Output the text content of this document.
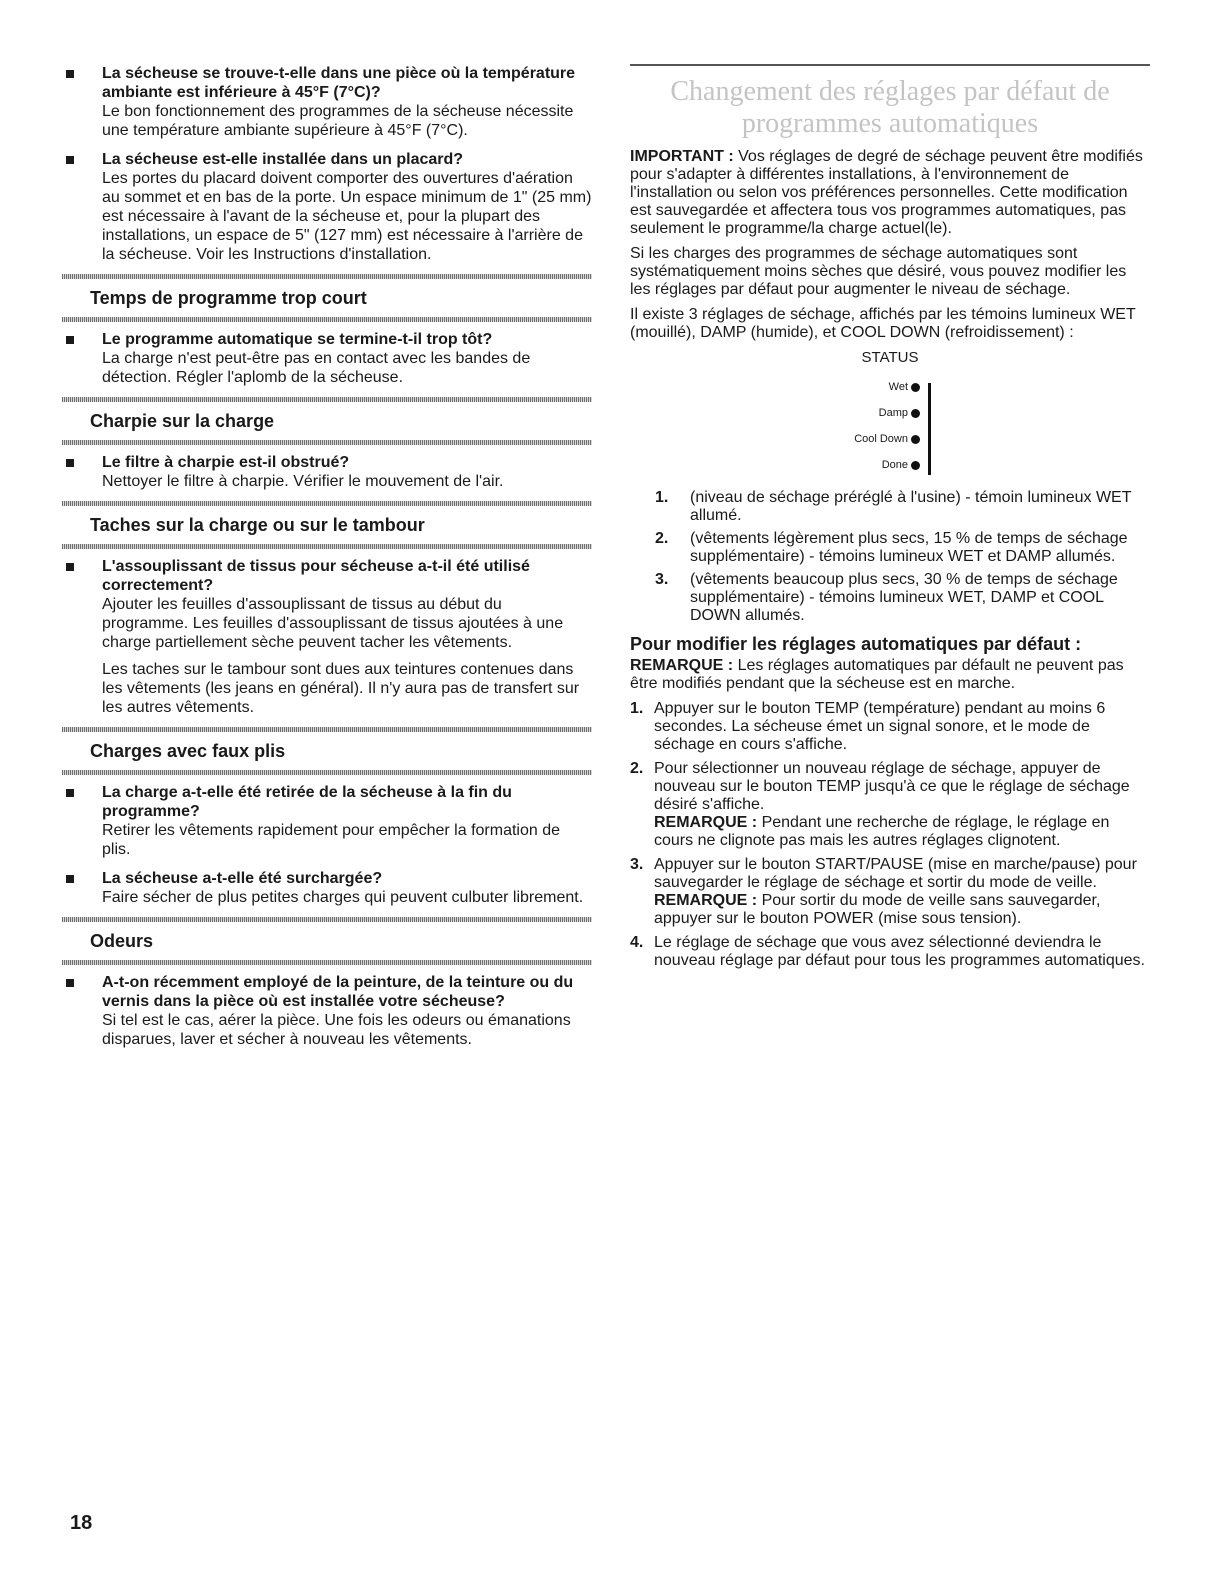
La sécheuse se trouve-t-elle dans une pièce où la température ambiante est inférieure à 45°F (7°C)?
Le bon fonctionnement des programmes de la sécheuse nécessite une température ambiante supérieure à 45°F (7°C).
La sécheuse est-elle installée dans un placard?
Les portes du placard doivent comporter des ouvertures d'aération au sommet et en bas de la porte. Un espace minimum de 1" (25 mm) est nécessaire à l'avant de la sécheuse et, pour la plupart des installations, un espace de 5" (127 mm) est nécessaire à l'arrière de la sécheuse. Voir les Instructions d'installation.
Temps de programme trop court
Le programme automatique se termine-t-il trop tôt?
La charge n'est peut-être pas en contact avec les bandes de détection. Régler l'aplomb de la sécheuse.
Charpie sur la charge
Le filtre à charpie est-il obstrué?
Nettoyer le filtre à charpie. Vérifier le mouvement de l'air.
Taches sur la charge ou sur le tambour
L'assouplissant de tissus pour sécheuse a-t-il été utilisé correctement?
Ajouter les feuilles d'assouplissant de tissus au début du programme. Les feuilles d'assouplissant de tissus ajoutées à une charge partiellement sèche peuvent tacher les vêtements.
Les taches sur le tambour sont dues aux teintures contenues dans les vêtements (les jeans en général). Il n'y aura pas de transfert sur les autres vêtements.
Charges avec faux plis
La charge a-t-elle été retirée de la sécheuse à la fin du programme?
Retirer les vêtements rapidement pour empêcher la formation de plis.
La sécheuse a-t-elle été surchargée?
Faire sécher de plus petites charges qui peuvent culbuter librement.
Odeurs
A-t-on récemment employé de la peinture, de la teinture ou du vernis dans la pièce où est installée votre sécheuse?
Si tel est le cas, aérer la pièce. Une fois les odeurs ou émanations disparues, laver et sécher à nouveau les vêtements.
Changement des réglages par défaut de programmes automatiques
IMPORTANT : Vos réglages de degré de séchage peuvent être modifiés pour s'adapter à différentes installations, à l'environnement de l'installation ou selon vos préférences personnelles. Cette modification est sauvegardée et affectera tous vos programmes automatiques, pas seulement le programme/la charge actuel(le).
Si les charges des programmes de séchage automatiques sont systématiquement moins sèches que désiré, vous pouvez modifier les les réglages par défaut pour augmenter le niveau de séchage.
Il existe 3 réglages de séchage, affichés par les témoins lumineux WET (mouillé), DAMP (humide), et COOL DOWN (refroidissement) :
STATUS
Wet
Damp
Cool Down
Done
1. (niveau de séchage préréglé à l'usine) - témoin lumineux WET allumé.
2. (vêtements légèrement plus secs, 15 % de temps de séchage supplémentaire) - témoins lumineux WET et DAMP allumés.
3. (vêtements beaucoup plus secs, 30 % de temps de séchage supplémentaire) - témoins lumineux WET, DAMP et COOL DOWN allumés.
Pour modifier les réglages automatiques par défaut :
REMARQUE : Les réglages automatiques par défault ne peuvent pas être modifiés pendant que la sécheuse est en marche.
1. Appuyer sur le bouton TEMP (température) pendant au moins 6 secondes. La sécheuse émet un signal sonore, et le mode de séchage en cours s'affiche.
2. Pour sélectionner un nouveau réglage de séchage, appuyer de nouveau sur le bouton TEMP jusqu'à ce que le réglage de séchage désiré s'affiche.
REMARQUE : Pendant une recherche de réglage, le réglage en cours ne clignote pas mais les autres réglages clignotent.
3. Appuyer sur le bouton START/PAUSE (mise en marche/pause) pour sauvegarder le réglage de séchage et sortir du mode de veille.
REMARQUE : Pour sortir du mode de veille sans sauvegarder, appuyer sur le bouton POWER (mise sous tension).
4. Le réglage de séchage que vous avez sélectionné deviendra le nouveau réglage par défaut pour tous les programmes automatiques.
18
